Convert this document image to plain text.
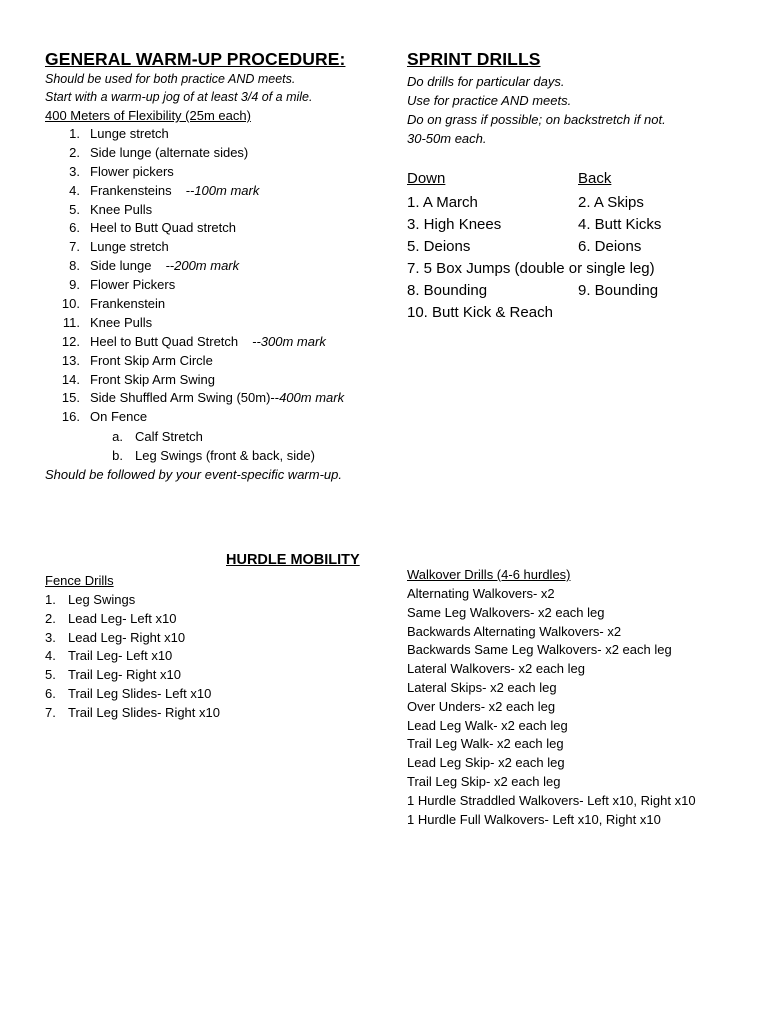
GENERAL WARM-UP PROCEDURE:
Should be used for both practice AND meets.
Start with a warm-up jog of at least 3/4 of a mile.
400 Meters of Flexibility (25m each)
1. Lunge stretch
2. Side lunge (alternate sides)
3. Flower pickers
4. Frankensteins --100m mark
5. Knee Pulls
6. Heel to Butt Quad stretch
7. Lunge stretch
8. Side lunge --200m mark
9. Flower Pickers
10. Frankenstein
11. Knee Pulls
12. Heel to Butt Quad Stretch --300m mark
13. Front Skip Arm Circle
14. Front Skip Arm Swing
15. Side Shuffled Arm Swing (50m)--400m mark
16. On Fence
a. Calf Stretch
b. Leg Swings (front & back, side)
Should be followed by your event-specific warm-up.
SPRINT DRILLS
Do drills for particular days.
Use for practice AND meets.
Do on grass if possible; on backstretch if not.
30-50m each.
Down	Back
1. A March	2. A Skips
3. High Knees	4. Butt Kicks
5. Deions	6. Deions
7. 5 Box Jumps (double or single leg)
8. Bounding	9. Bounding
10. Butt Kick & Reach
HURDLE MOBILITY
Fence Drills
1. Leg Swings
2. Lead Leg- Left x10
3. Lead Leg- Right x10
4. Trail Leg- Left x10
5. Trail Leg- Right x10
6. Trail Leg Slides- Left x10
7. Trail Leg Slides- Right x10
Walkover Drills (4-6 hurdles)
Alternating Walkovers- x2
Same Leg Walkovers- x2 each leg
Backwards Alternating Walkovers- x2
Backwards Same Leg Walkovers- x2 each leg
Lateral Walkovers- x2 each leg
Lateral Skips- x2 each leg
Over Unders- x2 each leg
Lead Leg Walk- x2 each leg
Trail Leg Walk- x2 each leg
Lead Leg Skip- x2 each leg
Trail Leg Skip- x2 each leg
1 Hurdle Straddled Walkovers- Left x10, Right x10
1 Hurdle Full Walkovers- Left x10, Right x10
